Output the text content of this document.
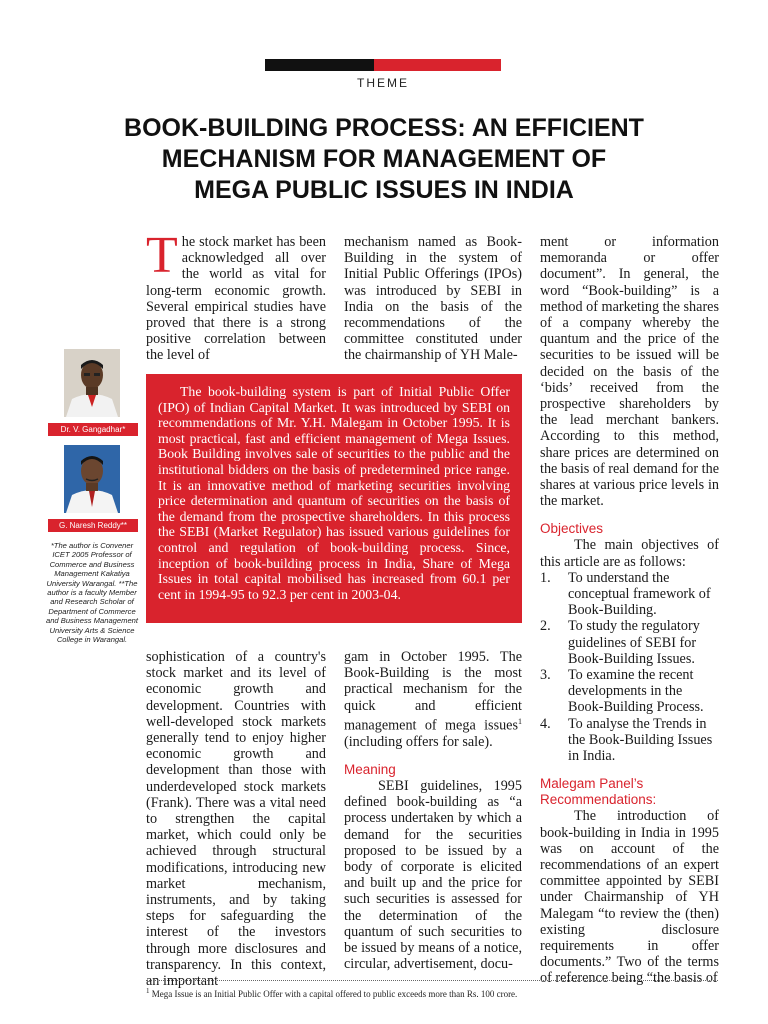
THEME
BOOK-BUILDING PROCESS: AN EFFICIENT
MECHANISM FOR MANAGEMENT OF
MEGA PUBLIC ISSUES IN INDIA
Dr. V. Gangadhar*
G. Naresh Reddy**
*The author is Convener ICET 2005 Professor of Commerce and Business Management Kakatiya University Warangal. **The author is a faculty Member and Research Scholar of Department of Commerce and Business Management University Arts & Science College in Warangal.

The stock market has been acknowledged all over the world as vital for long-term economic growth. Several empirical studies have proved that there is a strong positive correlation between the level of

mechanism named as Book-Building in the system of Initial Public Offerings (IPOs) was introduced by SEBI in India on the basis of the recommendations of the committee constituted under the chairmanship of YH Male-

The book-building system is part of Initial Public Offer (IPO) of Indian Capital Market. It was introduced by SEBI on recommendations of Mr. Y.H. Malegam in October 1995. It is most practical, fast and efficient management of Mega Issues. Book Building involves sale of securities to the public and the institutional bidders on the basis of predetermined price range. It is an innovative method of marketing securities involving price determination and quantum of securities on the basis of the demand from the prospective shareholders. In this process the SEBI (Market Regulator) has issued various guidelines for control and regulation of book-building process. Since, inception of book-building process in India, Share of Mega Issues in total capital mobilised has increased from 60.1 per cent in 1994-95 to 92.3 per cent in 2003-04.

sophistication of a country's stock market and its level of economic growth and development. Countries with well-developed stock markets generally tend to enjoy higher economic growth and development than those with underdeveloped stock markets (Frank). There was a vital need to strengthen the capital market, which could only be achieved through structural modifications, introducing new market mechanism, instruments, and by taking steps for safeguarding the interest of the investors through more disclosures and transparency. In this context, an important

gam in October 1995. The Book-Building is the most practical mechanism for the quick and efficient management of mega issues$^1$ (including offers for sale).

Meaning

SEBI guidelines, 1995 defined book-building as “a process undertaken by which a demand for the securities proposed to be issued by a body of corporate is elicited and built up and the price for such securities is assessed for the determination of the quantum of such securities to be issued by means of a notice, circular, advertisement, docu-

ment or information memoranda or offer document”. In general, the word “Book-building” is a method of marketing the shares of a company whereby the quantum and the price of the securities to be issued will be decided on the basis of the ‘bids’ received from the prospective shareholders by the lead merchant bankers. According to this method, share prices are determined on the basis of real demand for the shares at various price levels in the market.

Objectives

The main objectives of this article are as follows:

1. To understand the conceptual framework of Book-Building.
2. To study the regulatory guidelines of SEBI for Book-Building Issues.
3. To examine the recent developments in the Book-Building Process.
4. To analyse the Trends in the Book-Building Issues in India.
Malegam Panel’s Recommendations:

The introduction of book-building in India in 1995 was on account of the recommendations of an expert committee appointed by SEBI under Chairmanship of YH Malegam “to review the (then) existing disclosure requirements in offer documents.” Two of the terms of reference being “the basis of

$^1$ Mega Issue is an Initial Public Offer with a capital offered to public exceeds more than Rs. 100 crore.
